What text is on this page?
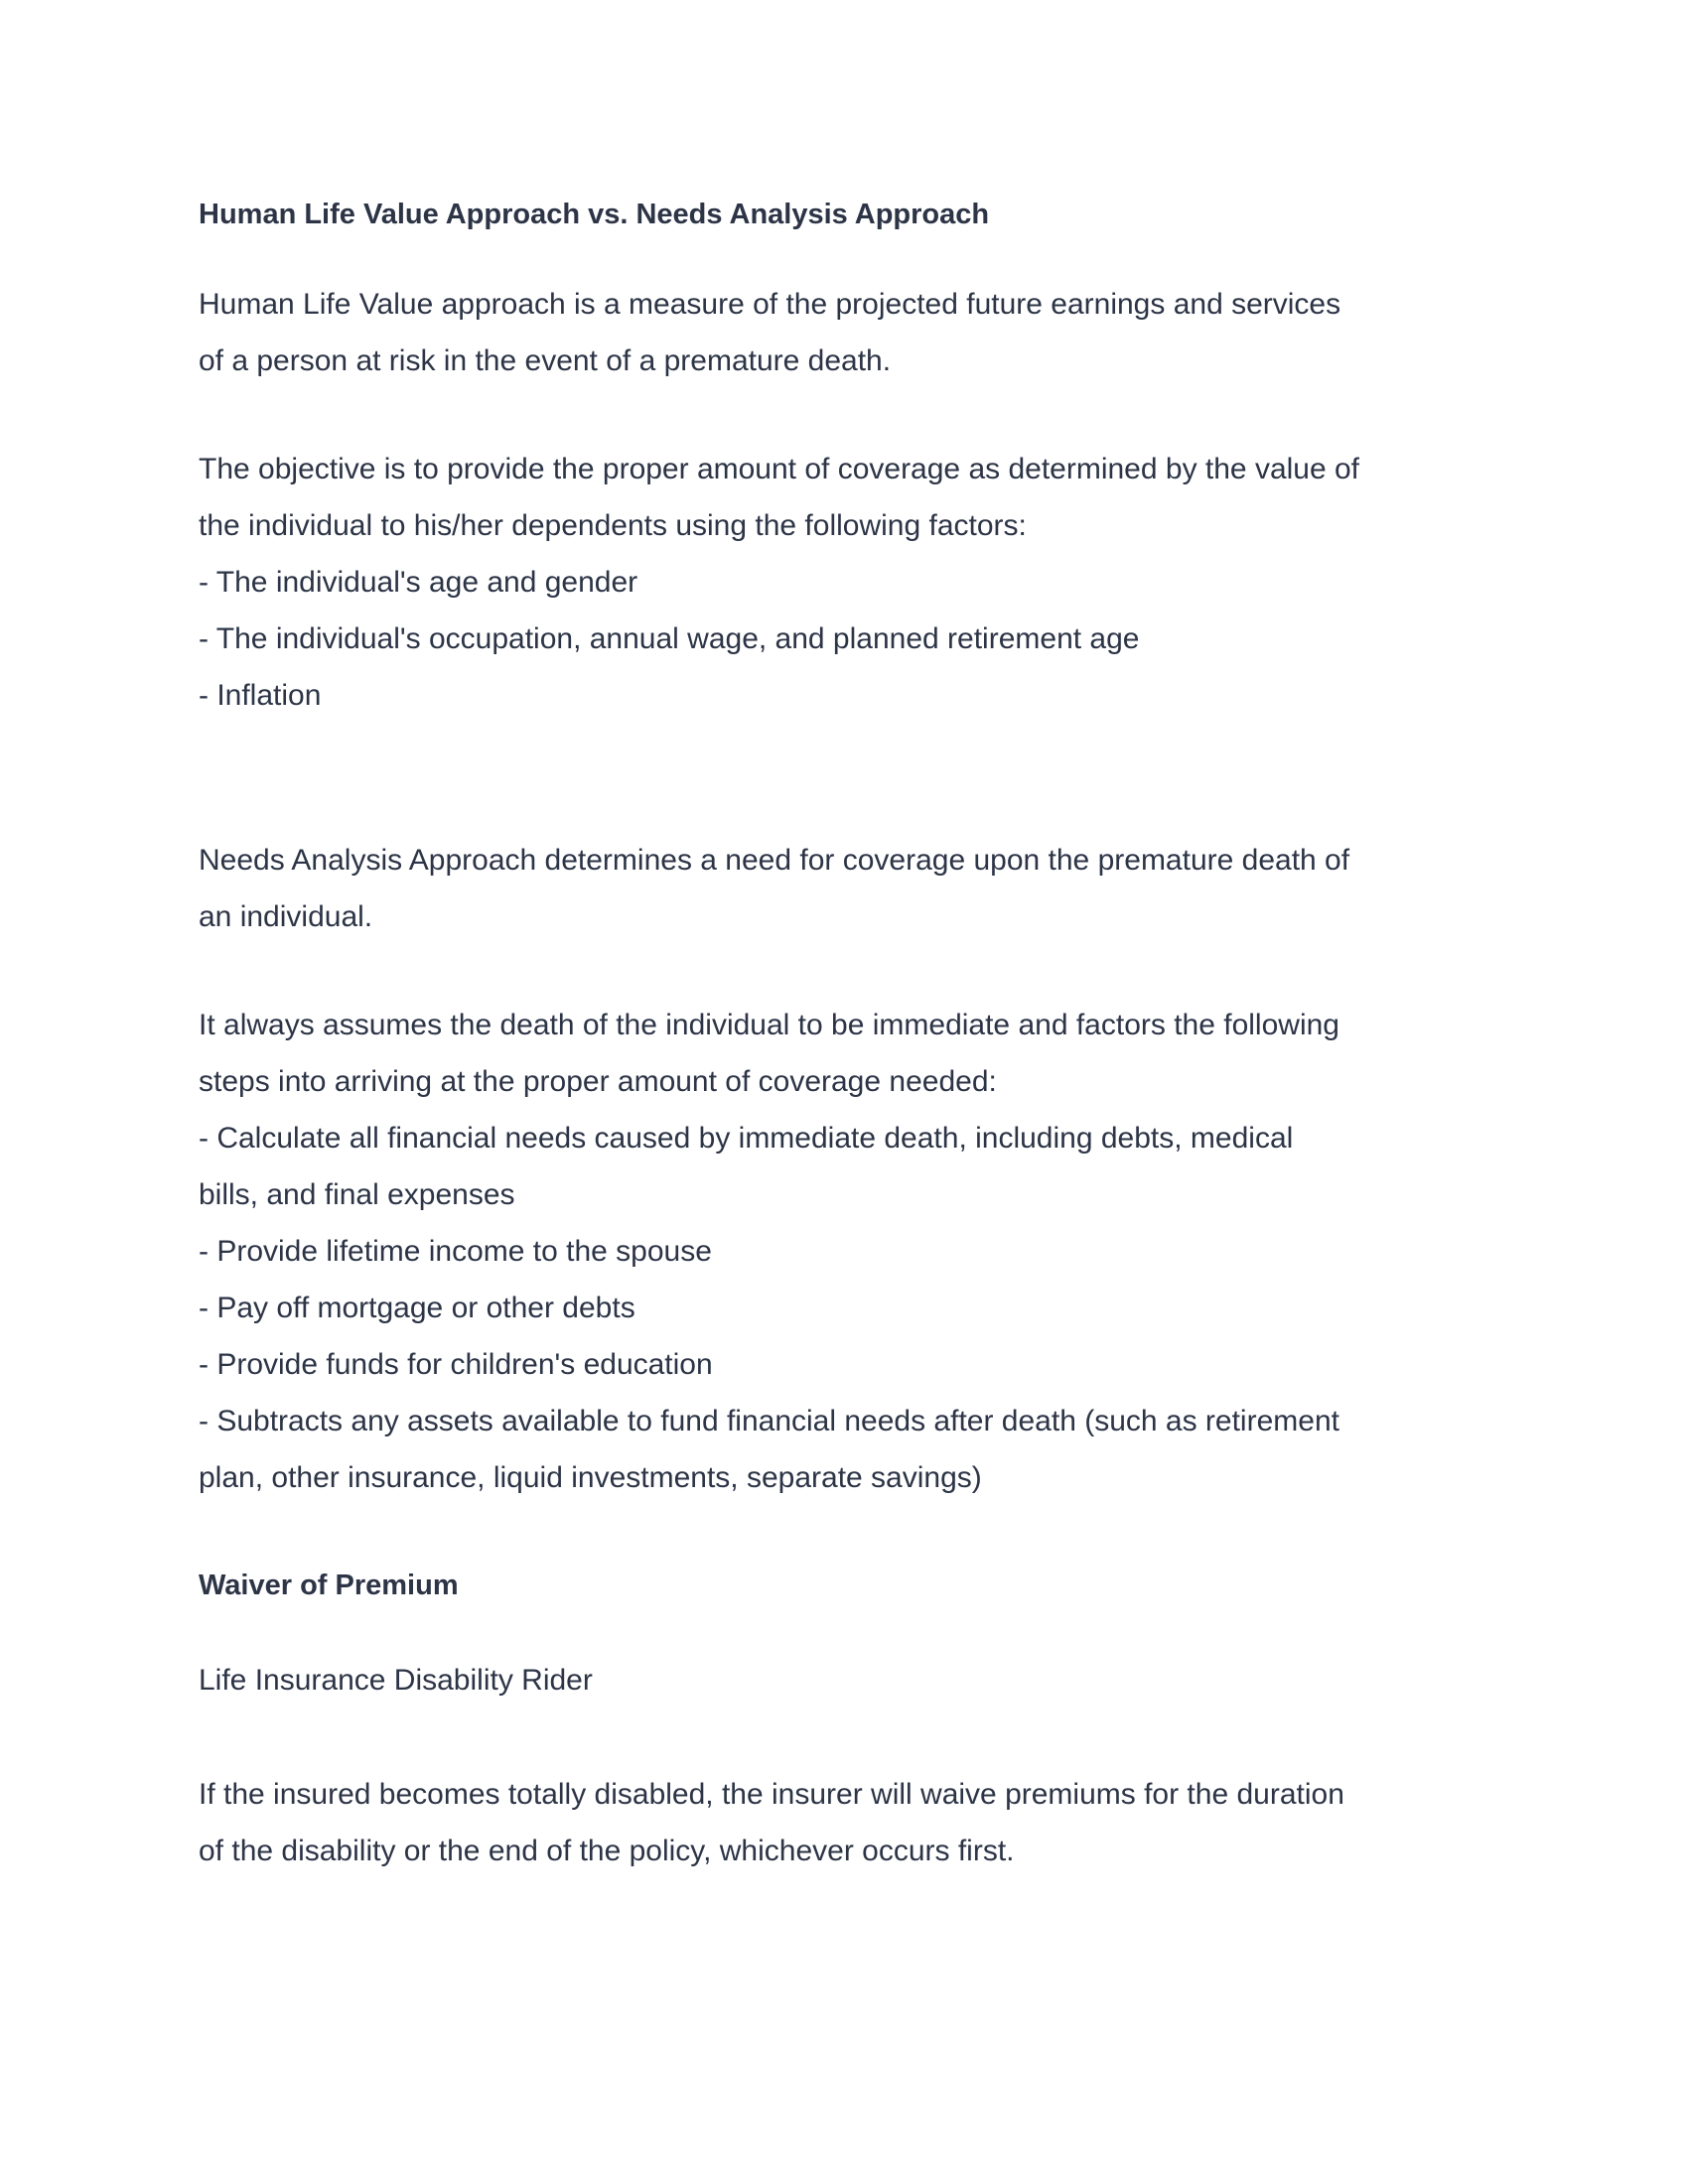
Human Life Value Approach vs. Needs Analysis Approach

Human Life Value approach is a measure of the projected future earnings and services
of a person at risk in the event of a premature death.

The objective is to provide the proper amount of coverage as determined by the value of
the individual to his/her dependents using the following factors:
- The individual's age and gender
- The individual's occupation, annual wage, and planned retirement age
- Inflation

Needs Analysis Approach determines a need for coverage upon the premature death of
an individual.

It always assumes the death of the individual to be immediate and factors the following
steps into arriving at the proper amount of coverage needed:
- Calculate all financial needs caused by immediate death, including debts, medical
bills, and final expenses
- Provide lifetime income to the spouse
- Pay off mortgage or other debts
- Provide funds for children's education
- Subtracts any assets available to fund financial needs after death (such as retirement
plan, other insurance, liquid investments, separate savings)

Waiver of Premium

Life Insurance Disability Rider

If the insured becomes totally disabled, the insurer will waive premiums for the duration
of the disability or the end of the policy, whichever occurs first.
